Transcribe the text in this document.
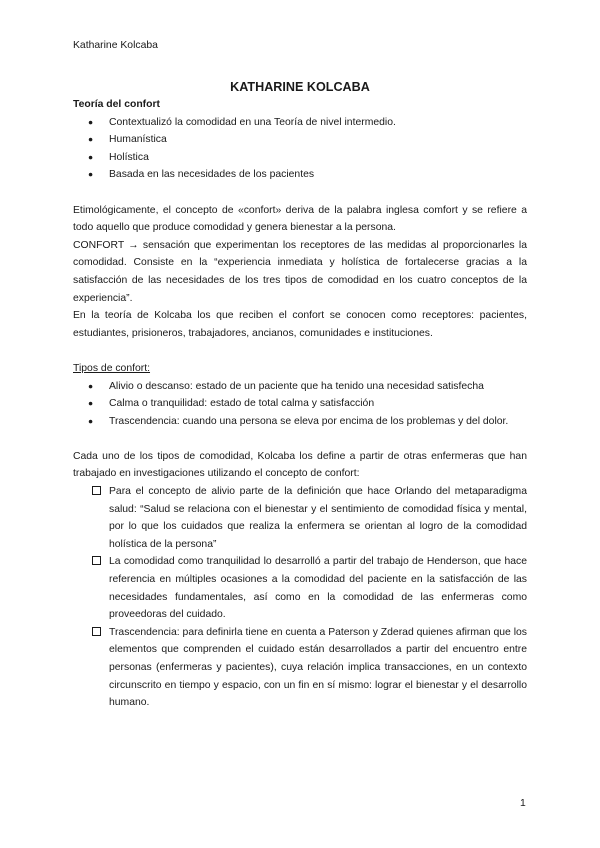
Katharine Kolcaba
KATHARINE KOLCABA
Teoría del confort
● Contextualizó la comodidad en una Teoría de nivel intermedio.
● Humanística
● Holística
● Basada en las necesidades de los pacientes

Etimológicamente, el concepto de «confort» deriva de la palabra inglesa comfort y se refiere a todo aquello que produce comodidad y genera bienestar a la persona.

CONFORT → sensación que experimentan los receptores de las medidas al proporcionarles la comodidad. Consiste en la “experiencia inmediata y holística de fortalecerse gracias a la satisfacción de las necesidades de los tres tipos de comodidad en los cuatro conceptos de la experiencia”.

En la teoría de Kolcaba los que reciben el confort se conocen como receptores: pacientes, estudiantes, prisioneros, trabajadores, ancianos, comunidades e instituciones.

Tipos de confort:
● Alivio o descanso: estado de un paciente que ha tenido una necesidad satisfecha
● Calma o tranquilidad: estado de total calma y satisfacción
● Trascendencia: cuando una persona se eleva por encima de los problemas y del dolor.

Cada uno de los tipos de comodidad, Kolcaba los define a partir de otras enfermeras que han trabajado en investigaciones utilizando el concepto de confort:

Para el concepto de alivio parte de la definición que hace Orlando del metaparadigma salud: “Salud se relaciona con el bienestar y el sentimiento de comodidad física y mental, por lo que los cuidados que realiza la enfermera se orientan al logro de la comodidad holística de la persona”
La comodidad como tranquilidad lo desarrolló a partir del trabajo de Henderson, que hace referencia en múltiples ocasiones a la comodidad del paciente en la satisfacción de las necesidades fundamentales, así como en la comodidad de las enfermeras como proveedoras del cuidado.
Trascendencia: para definirla tiene en cuenta a Paterson y Zderad quienes afirman que los elementos que comprenden el cuidado están desarrollados a partir del encuentro entre personas (enfermeras y pacientes), cuya relación implica transacciones, en un contexto circunscrito en tiempo y espacio, con un fin en sí mismo: lograr el bienestar y el desarrollo humano.
1
